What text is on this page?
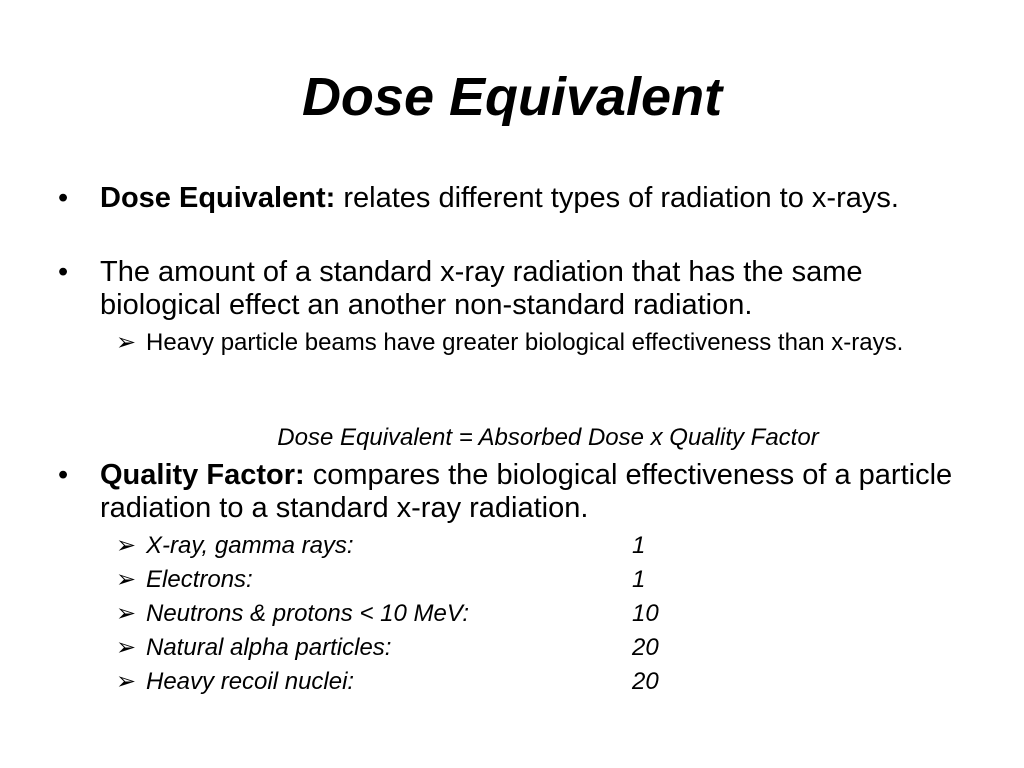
Dose Equivalent
•	Dose Equivalent: relates different types of radiation to x-rays.
•	The amount of a standard x-ray radiation that has the same biological effect an another non-standard radiation.
➢ Heavy particle beams have greater biological effectiveness than x-rays.
Dose Equivalent = Absorbed Dose x Quality Factor
•	Quality Factor: compares the biological effectiveness of a particle radiation to a standard x-ray radiation.
➢ X-ray, gamma rays:	1
➢ Electrons:	1
➢ Neutrons & protons < 10 MeV:	10
➢ Natural alpha particles:	20
➢ Heavy recoil nuclei:	20
